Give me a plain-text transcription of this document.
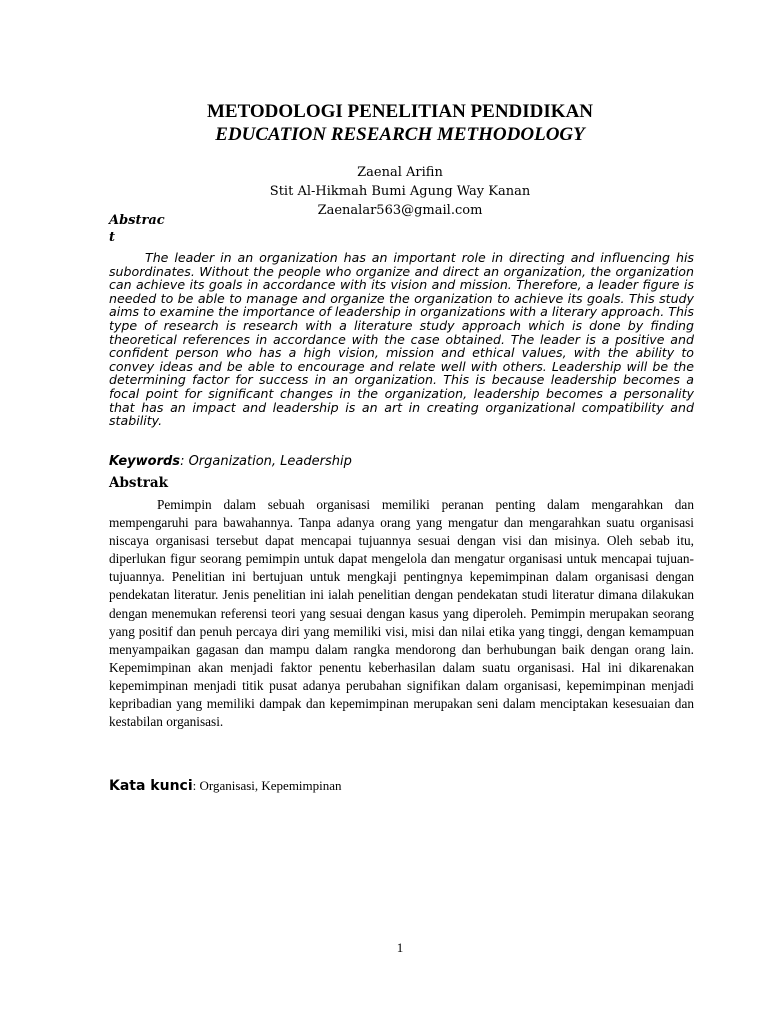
METODOLOGI PENELITIAN PENDIDIKAN
EDUCATION RESEARCH METHODOLOGY
Zaenal Arifin
Stit Al-Hikmah Bumi Agung Way Kanan
Zaenalar563@gmail.com
Abstract

The leader in an organization has an important role in directing and influencing his subordinates. Without the people who organize and direct an organization, the organization can achieve its goals in accordance with its vision and mission. Therefore, a leader figure is needed to be able to manage and organize the organization to achieve its goals. This study aims to examine the importance of leadership in organizations with a literary approach. This type of research is research with a literature study approach which is done by finding theoretical references in accordance with the case obtained. The leader is a positive and confident person who has a high vision, mission and ethical values, with the ability to convey ideas and be able to encourage and relate well with others. Leadership will be the determining factor for success in an organization. This is because leadership becomes a focal point for significant changes in the organization, leadership becomes a personality that has an impact and leadership is an art in creating organizational compatibility and stability.

Keywords: Organization, Leadership
Abstrak

Pemimpin dalam sebuah organisasi memiliki peranan penting dalam mengarahkan dan mempengaruhi para bawahannya. Tanpa adanya orang yang mengatur dan mengarahkan suatu organisasi niscaya organisasi tersebut dapat mencapai tujuannya sesuai dengan visi dan misinya. Oleh sebab itu, diperlukan figur seorang pemimpin untuk dapat mengelola dan mengatur organisasi untuk mencapai tujuan-tujuannya. Penelitian ini bertujuan untuk mengkaji pentingnya kepemimpinan dalam organisasi dengan pendekatan literatur. Jenis penelitian ini ialah penelitian dengan pendekatan studi literatur dimana dilakukan dengan menemukan referensi teori yang sesuai dengan kasus yang diperoleh. Pemimpin merupakan seorang yang positif dan penuh percaya diri yang memiliki visi, misi dan nilai etika yang tinggi, dengan kemampuan menyampaikan gagasan dan mampu dalam rangka mendorong dan berhubungan baik dengan orang lain. Kepemimpinan akan menjadi faktor penentu keberhasilan dalam suatu organisasi. Hal ini dikarenakan kepemimpinan menjadi titik pusat adanya perubahan signifikan dalam organisasi, kepemimpinan menjadi kepribadian yang memiliki dampak dan kepemimpinan merupakan seni dalam menciptakan kesesuaian dan kestabilan organisasi.

Kata kunci: Organisasi, Kepemimpinan
1
